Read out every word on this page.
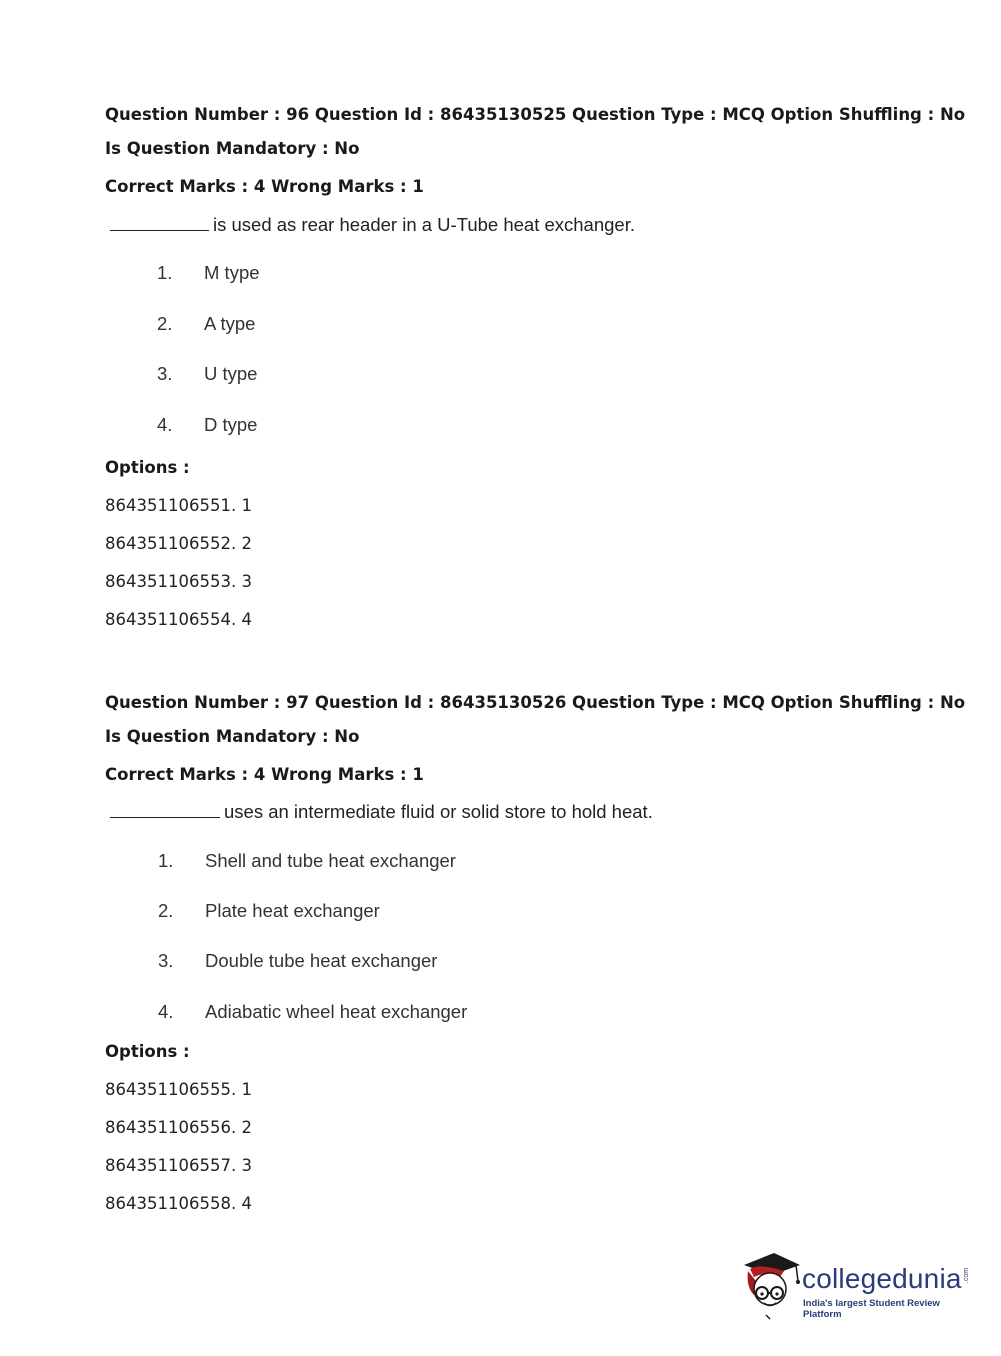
Question Number : 96 Question Id : 86435130525 Question Type : MCQ Option Shuffling : No
Is Question Mandatory : No
Correct Marks : 4 Wrong Marks : 1
is used as rear header in a U-Tube heat exchanger.
1. M type
2. A type
3. U type
4. D type
Options :
864351106551. 1
864351106552. 2
864351106553. 3
864351106554. 4
Question Number : 97 Question Id : 86435130526 Question Type : MCQ Option Shuffling : No
Is Question Mandatory : No
Correct Marks : 4 Wrong Marks : 1
uses an intermediate fluid or solid store to hold heat.
1. Shell and tube heat exchanger
2. Plate heat exchanger
3. Double tube heat exchanger
4. Adiabatic wheel heat exchanger
Options :
864351106555. 1
864351106556. 2
864351106557. 3
864351106558. 4
collegedunia .com
India's largest Student Review Platform
